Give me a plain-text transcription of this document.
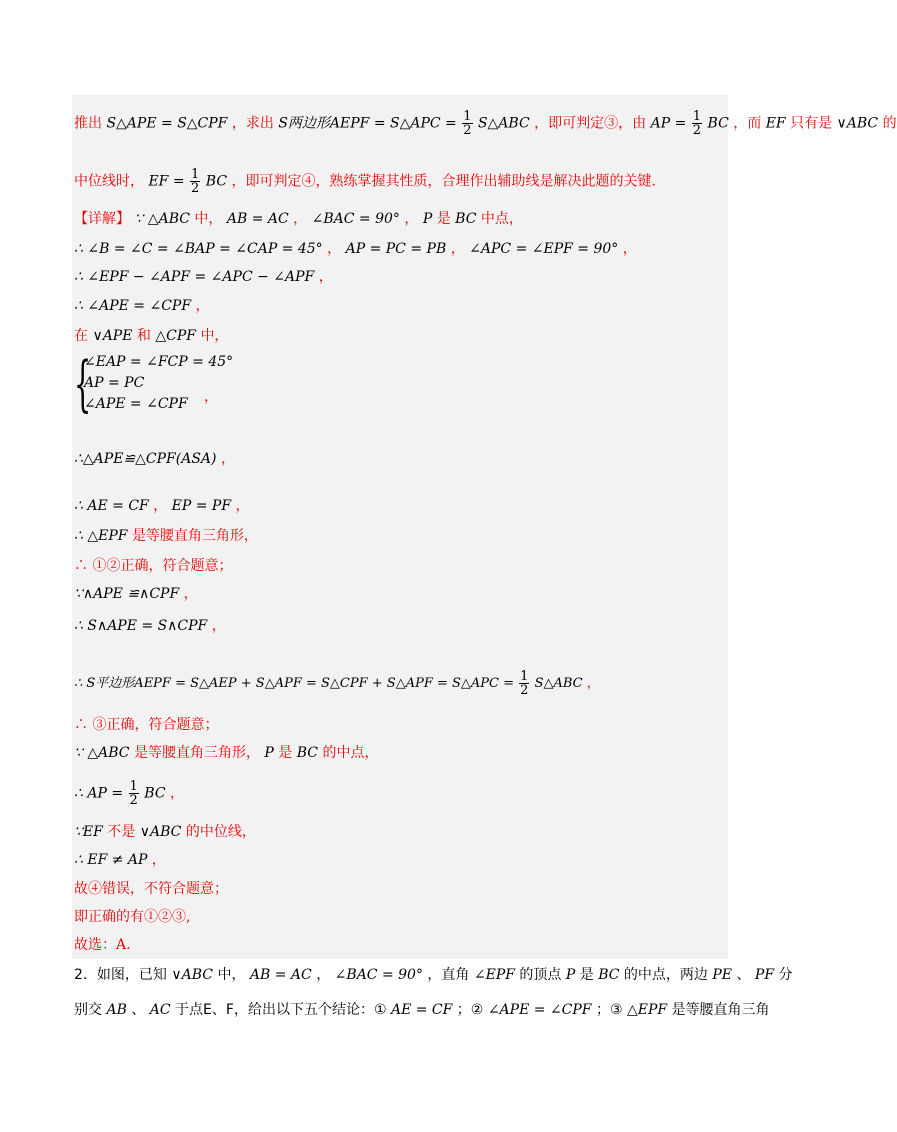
推出 S△APE = S△CPF ，求出 S两边形AEPF = S△APC = $\frac{1}{2}$ S△ABC ，即可判定③，由 AP = $\frac{1}{2}$ BC ，而 EF 只有是 ∨ABC 的
中位线时， EF = $\frac{1}{2}$ BC ，即可判定④，熟练掌握其性质，合理作出辅助线是解决此题的关键.
【详解】 ∵ △ABC 中， AB = AC ， ∠BAC = 90° ， P 是 BC 中点，
∴ ∠B = ∠C = ∠BAP = ∠CAP = 45° ， AP = PC = PB ， ∠APC = ∠EPF = 90° ，
∴ ∠EPF − ∠APF = ∠APC − ∠APF ，
∴ ∠APE = ∠CPF ，
在 ∨APE 和 △CPF 中，
{
∠EAP = ∠FCP = 45°
AP = PC
∠APE = ∠CPF ，
∴△APE≌△CPF(ASA) ，
∴ AE = CF ， EP = PF ，
∴ △EPF 是等腰直角三角形，
∴ ①②正确，符合题意；
∵∧APE ≌∧CPF ，
∴ S∧APE = S∧CPF ，
∴ S平边形AEPF = S△AEP + S△APF = S△CPF + S△APF = S△APC = $\frac{1}{2}$ S△ABC ，
∴ ③正确，符合题意；
∵ △ABC 是等腰直角三角形， P 是 BC 的中点，
∴ AP = $\frac{1}{2}$ BC ，
∵EF 不是 ∨ABC 的中位线，
∴ EF ≠ AP ，
故④错误，不符合题意；
即正确的有①②③,
故选：A.
2．如图，已知 ∨ABC 中， AB = AC ， ∠BAC = 90° ，直角 ∠EPF 的顶点 P 是 BC 的中点，两边 PE 、 PF 分
别交 AB 、 AC 于点E、F，给出以下五个结论：① AE = CF ；② ∠APE = ∠CPF ；③ △EPF 是等腰直角三角
